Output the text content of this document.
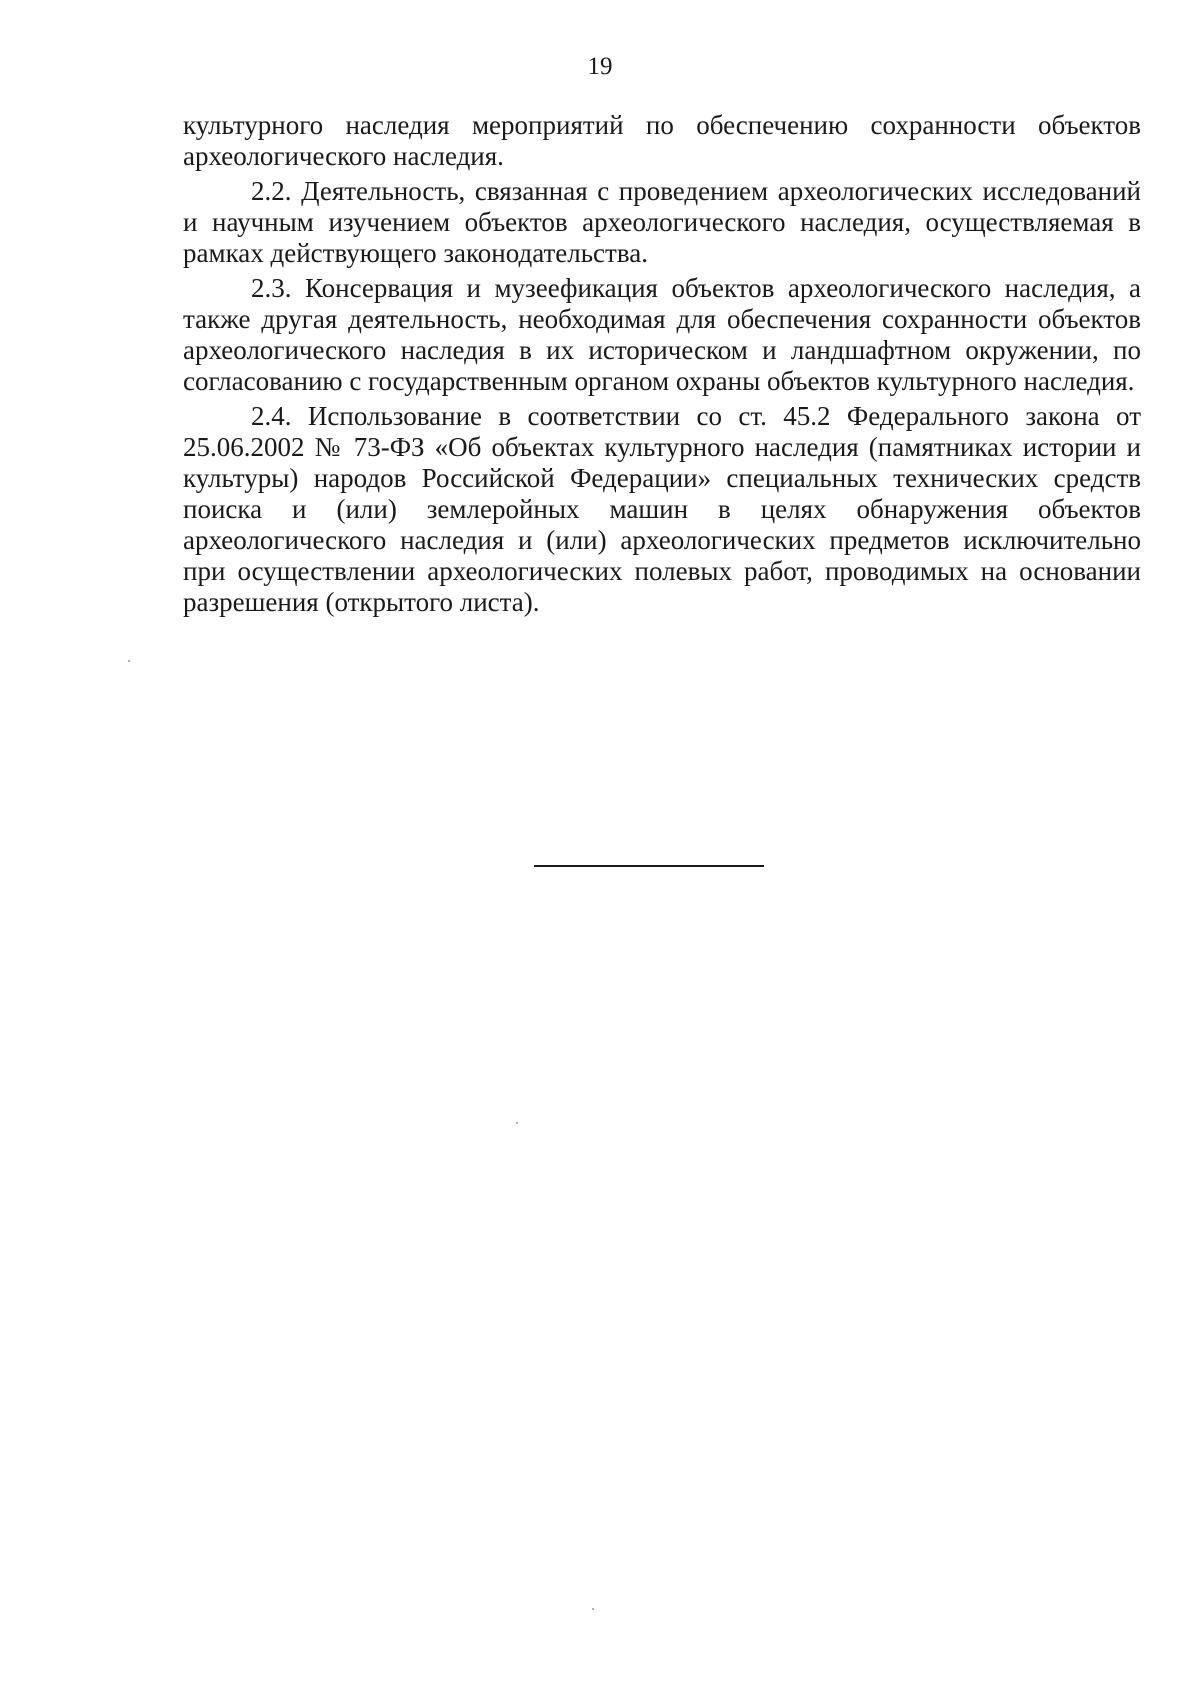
19

культурного наследия мероприятий по обеспечению сохранности объектов археологического наследия.

2.2. Деятельность, связанная с проведением археологических исследований и научным изучением объектов археологического наследия, осуществляемая в рамках действующего законодательства.

2.3. Консервация и музеефикация объектов археологического наследия, а также другая деятельность, необходимая для обеспечения сохранности объектов археологического наследия в их историческом и ландшафтном окружении, по согласованию с государственным органом охраны объектов культурного наследия.

2.4. Использование в соответствии со ст. 45.2 Федерального закона от 25.06.2002 № 73-ФЗ «Об объектах культурного наследия (памятниках истории и культуры) народов Российской Федерации» специальных технических средств поиска и (или) землеройных машин в целях обнаружения объектов археологического наследия и (или) археологических предметов исключительно при осуществлении археологических полевых работ, проводимых на основании разрешения (открытого листа).
